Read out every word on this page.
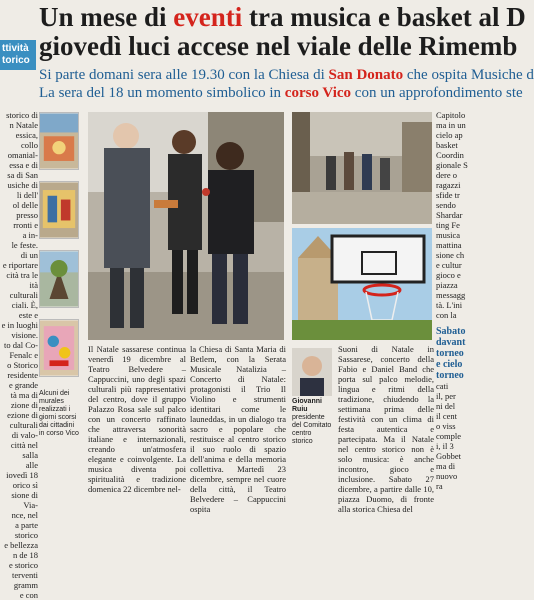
ttività
torico
Un mese di eventi tra musica e basket al D
giovedì luci accese nel viale delle Rimemb
Si parte domani sera alle 19.30 con la Chiesa di San Donato che ospita Musiche d
La sera del 18 un momento simbolico in corso Vico con un approfondimento ste
storico di
n Natale
essica,
collo
omanial-
essa e di
sa di San
usiche di
li dell'
ol delle
presso
rronti e
a in-
le feste.
di un
e riportare
cità tra le
ità culturali
ciali. È,
este e
e in luoghi
visione.
to dal Co-
Fenalc e
o Storico
residente
e grande
tà ma di
zione di
ezione di
culturali
di valo-
città nel
salla
alle
iovedì 18
orico sì
sione di
Via-
nce, nel
a parte
storico
e bellezza
n de 18
e storico
terventi
gramm
e con

Alcuni dei murales realizzati i giorni scorsi dai cittadini in corso Vico
Il Natale sassarese continua venerdì 19 dicembre al Teatro Belvedere – Cappuccini, uno degli spazi culturali più rappresentativi del centro, dove il gruppo Palazzo Rosa sale sul palco con un concerto raffinato che attraversa sonorità italiane e internazionali, creando un'atmosfera elegante e coinvolgente. La musica diventa poi spiritualità e tradizione domenica 22 dicembre nel-
la Chiesa di Santa Maria di Betlem, con la Serata Musicale Natalizia – Concerto di Natale: protagonisti il Trio Il Violino e strumenti identitari come le launeddas, in un dialogo tra sacro e popolare che restituisce al centro storico il suo ruolo di spazio dell'anima e della memoria collettiva. Martedì 23 dicembre, sempre nel cuore della città, il Teatro Belvedere – Cappuccini ospita
Giovanni Ruiu
presidente del Comitato centro storico
Suoni di Natale in Sassarese, concerto della Fabio e Daniel Band che porta sul palco melodie, lingua e ritmi della tradizione, chiudendo la settimana prima delle festività con un clima di festa autentica e partecipata. Ma il Natale nel centro storico non è solo musica: è anche incontro, gioco e inclusione. Sabato 27 dicembre, a partire dalle 10, piazza Duomo, di fronte alla storica Chiesa del
Capitolo
ma in un
cielo ap
basket
Coordin
gionale S
dere o
ragazzi
sfide tr
sendo
Shardar
ting Fe
musica
mattina
sione ch
e cultur
gioco e
piazza
messagg
tà. L'ini
con la
Sabato
davant
torneo
e cielo
torneo
cati
il, per
ni del
il cent
o viss
comple
i, il 3
Gobbet
ma di
nuovo
ra
